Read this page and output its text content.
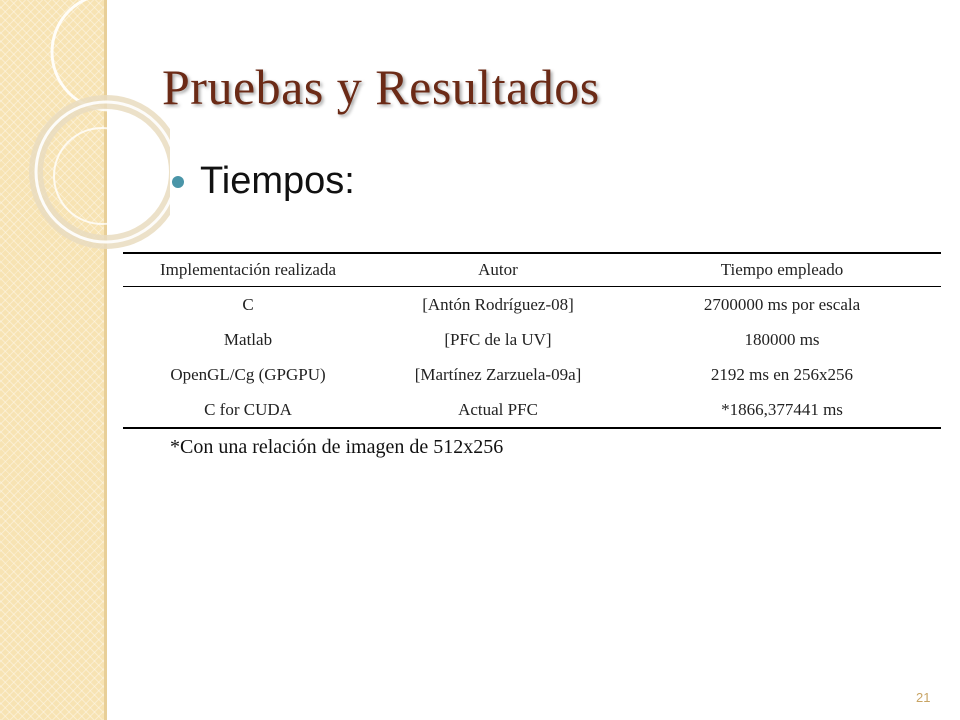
Pruebas y Resultados
Tiempos:
Implementación realizada	Autor	Tiempo empleado
C	[Antón Rodríguez-08]	2700000 ms por escala
Matlab	[PFC de la UV]	180000 ms
OpenGL/Cg (GPGPU)	[Martínez Zarzuela-09a]	2192 ms en 256x256
C for CUDA	Actual PFC	*1866,377441 ms
*Con una relación de imagen de 512x256
21
